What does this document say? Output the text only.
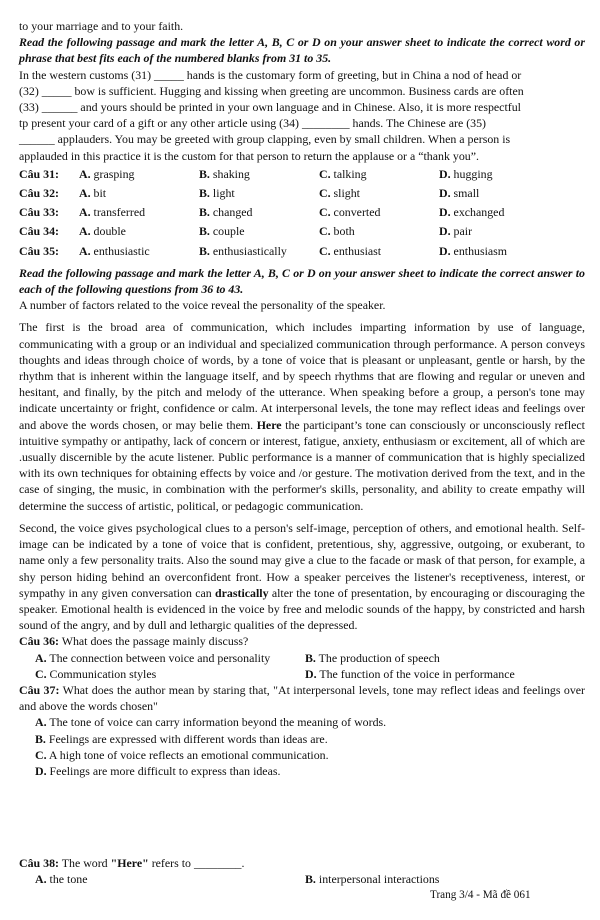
to your marriage and to your faith.

Read the following passage and mark the letter A, B, C or D on your answer sheet to indicate the correct word or phrase that best fits each of the numbered blanks from 31 to 35.

In the western customs (31) _____ hands is the customary form of greeting, but in China a nod of head or
(32) _____ bow is sufficient. Hugging and kissing when greeting are uncommon. Business cards are often
(33) ______ and yours should be printed in your own language and in Chinese. Also, it is more respectful
tp present your card of a gift or any other article using (34) ________ hands. The Chinese are (35)
______ applauders. You may be greeted with group clapping, even by small children. When a person is
applauded in this practice it is the custom for that person to return the applause or a “thank you”.
Câu 31:	A. grasping	B. shaking	C. talking	D. hugging
Câu 32:	A. bit	B. light	C. slight	D. small
Câu 33:	A. transferred	B. changed	C. converted	D. exchanged
Câu 34:	A. double	B. couple	C. both	D. pair
Câu 35:	A. enthusiastic	B. enthusiastically	C. enthusiast	D. enthusiasm

Read the following passage and mark the letter A, B, C or D on your answer sheet to indicate the correct answer to each of the following questions from 36 to 43.

A number of factors related to the voice reveal the personality of the speaker.

The first is the broad area of communication, which includes imparting information by use of language, communicating with a group or an individual and specialized communication through performance. A person conveys thoughts and ideas through choice of words, by a tone of voice that is pleasant or unpleasant, gentle or harsh, by the rhythm that is inherent within the language itself, and by speech rhythms that are flowing and regular or uneven and hesitant, and finally, by the pitch and melody of the utterance. When speaking before a group, a person's tone may indicate uncertainty or fright, confidence or calm. At interpersonal levels, the tone may reflect ideas and feelings over and above the words chosen, or may belie them. Here the participant’s tone can consciously or unconsciously reflect intuitive sympathy or antipathy, lack of concern or interest, fatigue, anxiety, enthusiasm or excitement, all of which are .usually discernible by the acute listener. Public performance is a manner of communication that is highly specialized with its own techniques for obtaining effects by voice and /or gesture. The motivation derived from the text, and in the case of singing, the music, in combination with the performer's skills, personality, and ability to create empathy will determine the success of artistic, political, or pedagogic communication.

Second, the voice gives psychological clues to a person's self-image, perception of others, and emotional health. Self-image can be indicated by a tone of voice that is confident, pretentious, shy, aggressive, outgoing, or exuberant, to name only a few personality traits. Also the sound may give a clue to the facade or mask of that person, for example, a shy person hiding behind an overconfident front. How a speaker perceives the listener's receptiveness, interest, or sympathy in any given conversation can drastically alter the tone of presentation, by encouraging or discouraging the speaker. Emotional health is evidenced in the voice by free and melodic sounds of the happy, by constricted and harsh sound of the angry, and by dull and lethargic qualities of the depressed.

Câu 36: What does the passage mainly discuss?
A. The connection between voice and personality	B. The production of speech
C. Communication styles	D. The function of the voice in performance
Câu 37: What does the author mean by staring that, "At interpersonal levels, tone may reflect ideas and feelings over and above the words chosen"
A. The tone of voice can carry information beyond the meaning of words.
B. Feelings are expressed with different words than ideas are.
C. A high tone of voice reflects an emotional communication.
D. Feelings are more difficult to express than ideas.
Câu 38: The word "Here" refers to ________.
A. the tone	B. interpersonal interactions
Trang 3/4 - Mã đề 061
